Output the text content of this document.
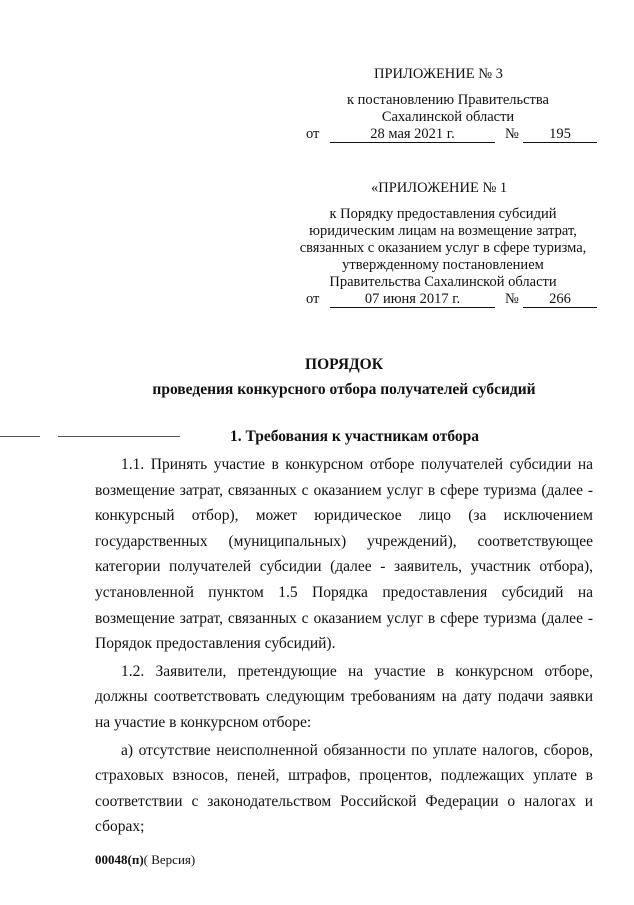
ПРИЛОЖЕНИЕ № 3
к постановлению Правительства
Сахалинской области
от	28 мая 2021 г.	№	195
«ПРИЛОЖЕНИЕ № 1
к Порядку предоставления субсидий
юридическим лицам на возмещение затрат,
связанных с оказанием услуг в сфере туризма,
утвержденному постановлением
Правительства Сахалинской области
от	07 июня 2017 г.	№	266
ПОРЯДОК
проведения конкурсного отбора получателей субсидий
1. Требования к участникам отбора

1.1. Принять участие в конкурсном отборе получателей субсидии на возмещение затрат, связанных с оказанием услуг в сфере туризма (далее - конкурсный отбор), может юридическое лицо (за исключением государственных (муниципальных) учреждений), соответствующее категории получателей субсидии (далее - заявитель, участник отбора), установленной пунктом 1.5 Порядка предоставления субсидий на возмещение затрат, связанных с оказанием услуг в сфере туризма (далее - Порядок предоставления субсидий).

1.2. Заявители, претендующие на участие в конкурсном отборе, должны соответствовать следующим требованиям на дату подачи заявки на участие в конкурсном отборе:

а) отсутствие неисполненной обязанности по уплате налогов, сборов, страховых взносов, пеней, штрафов, процентов, подлежащих уплате в соответствии с законодательством Российской Федерации о налогах и сборах;

00048(п)( Версия)
